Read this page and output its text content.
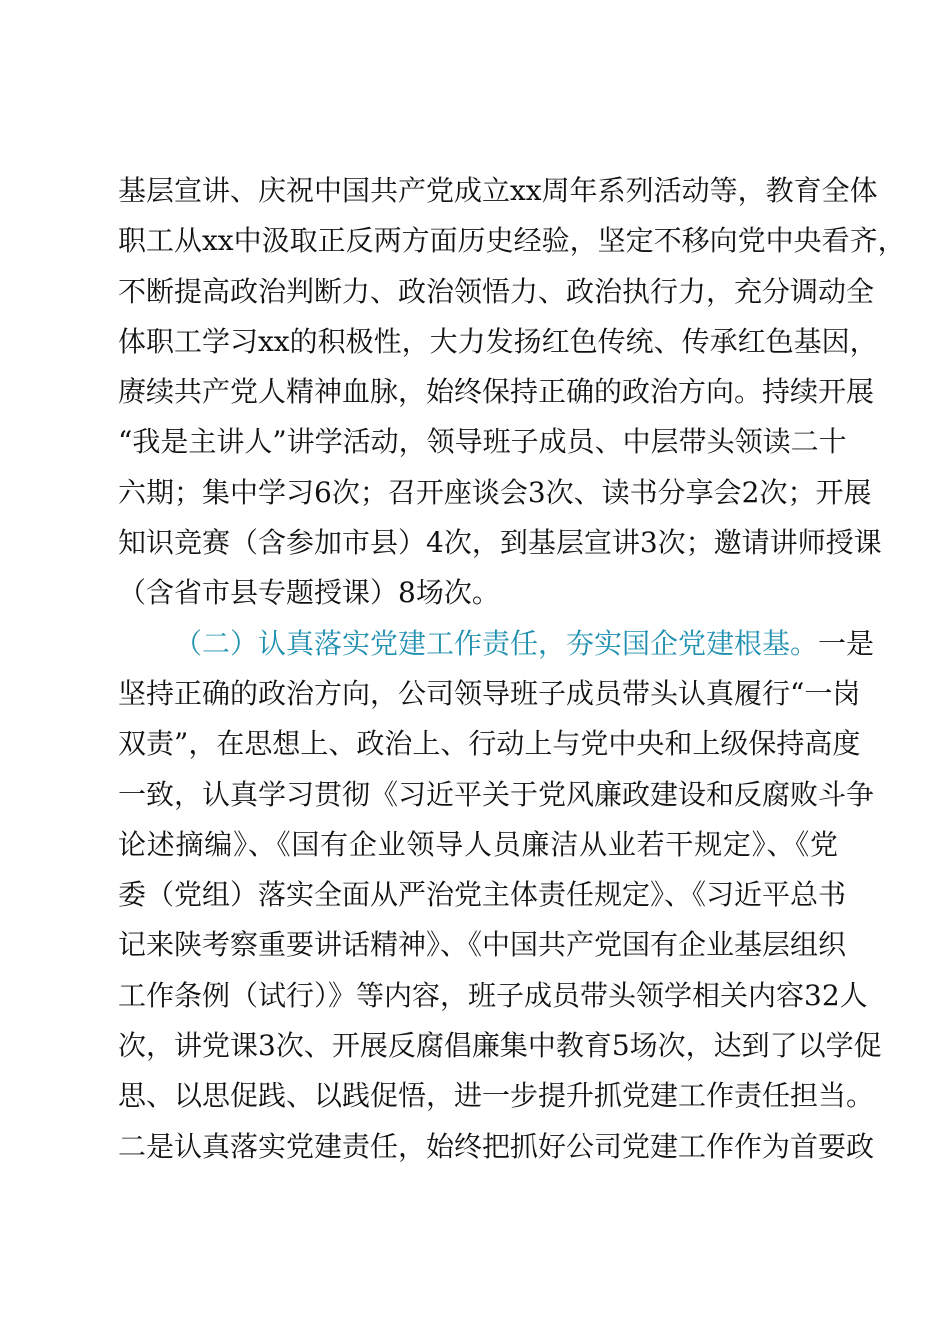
基层宣讲、庆祝中国共产党成立xx周年系列活动等，教育全体
职工从xx中汲取正反两方面历史经验，坚定不移向党中央看齐，
不断提高政治判断力、政治领悟力、政治执行力，充分调动全
体职工学习xx的积极性，大力发扬红色传统、传承红色基因，
赓续共产党人精神血脉，始终保持正确的政治方向。持续开展
“我是主讲人”讲学活动，领导班子成员、中层带头领读二十
六期；集中学习6次；召开座谈会3次、读书分享会2次；开展
知识竞赛（含参加市县）4次，到基层宣讲3次；邀请讲师授课
（含省市县专题授课）8场次。
（二）认真落实党建工作责任，夯实国企党建根基。一是
坚持正确的政治方向，公司领导班子成员带头认真履行“一岗
双责”，在思想上、政治上、行动上与党中央和上级保持高度
一致，认真学习贯彻《习近平关于党风廉政建设和反腐败斗争
论述摘编》、《国有企业领导人员廉洁从业若干规定》、《党
委（党组）落实全面从严治党主体责任规定》、《习近平总书
记来陕考察重要讲话精神》、《中国共产党国有企业基层组织
工作条例（试行）》等内容，班子成员带头领学相关内容32人
次，讲党课3次、开展反腐倡廉集中教育5场次，达到了以学促
思、以思促践、以践促悟，进一步提升抓党建工作责任担当。
二是认真落实党建责任，始终把抓好公司党建工作作为首要政
